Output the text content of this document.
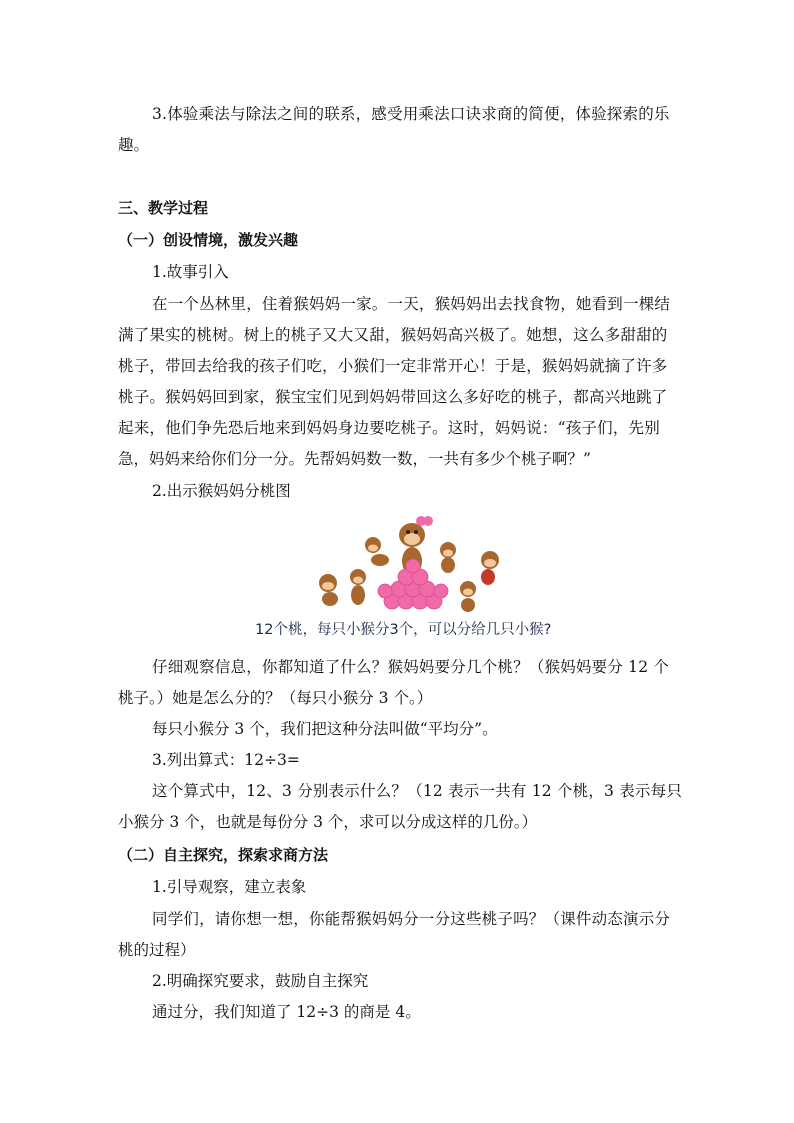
3.体验乘法与除法之间的联系，感受用乘法口诀求商的简便，体验探索的乐
趣。
三、教学过程
（一）创设情境，激发兴趣
1.故事引入
在一个丛林里，住着猴妈妈一家。一天，猴妈妈出去找食物，她看到一棵结
满了果实的桃树。树上的桃子又大又甜，猴妈妈高兴极了。她想，这么多甜甜的
桃子，带回去给我的孩子们吃，小猴们一定非常开心！于是，猴妈妈就摘了许多
桃子。猴妈妈回到家，猴宝宝们见到妈妈带回这么多好吃的桃子，都高兴地跳了
起来，他们争先恐后地来到妈妈身边要吃桃子。这时，妈妈说：“孩子们，先别
急，妈妈来给你们分一分。先帮妈妈数一数，一共有多少个桃子啊？”
2.出示猴妈妈分桃图
12个桃，每只小猴分3个，可以分给几只小猴?
仔细观察信息，你都知道了什么？猴妈妈要分几个桃？（猴妈妈要分 12 个
桃子。）她是怎么分的？（每只小猴分 3 个。）
每只小猴分 3 个，我们把这种分法叫做“平均分”。
3.列出算式：12÷3=
这个算式中，12、3 分别表示什么？（12 表示一共有 12 个桃，3 表示每只
小猴分 3 个，也就是每份分 3 个，求可以分成这样的几份。）
（二）自主探究，探索求商方法
1.引导观察，建立表象
同学们，请你想一想，你能帮猴妈妈分一分这些桃子吗？（课件动态演示分
桃的过程）
2.明确探究要求，鼓励自主探究
通过分，我们知道了 12÷3 的商是 4。
